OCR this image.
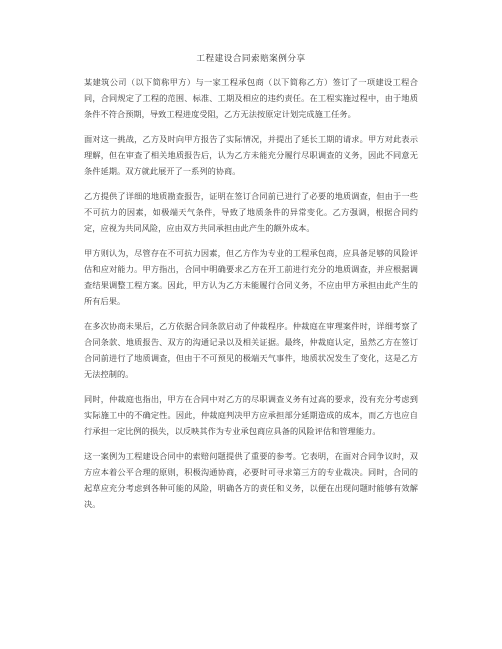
工程建设合同索赔案例分享

某建筑公司（以下简称甲方）与一家工程承包商（以下简称乙方）签订了一项建设工程合同，合同规定了工程的范围、标准、工期及相应的违约责任。在工程实施过程中，由于地质条件不符合预期，导致工程进度受阻，乙方无法按原定计划完成施工任务。

面对这一挑战，乙方及时向甲方报告了实际情况，并提出了延长工期的请求。甲方对此表示理解，但在审查了相关地质报告后，认为乙方未能充分履行尽职调查的义务，因此不同意无条件延期。双方就此展开了一系列的协商。

乙方提供了详细的地质勘查报告，证明在签订合同前已进行了必要的地质调查，但由于一些不可抗力的因素，如极端天气条件，导致了地质条件的异常变化。乙方强调，根据合同约定，应视为共同风险，应由双方共同承担由此产生的额外成本。

甲方则认为，尽管存在不可抗力因素，但乙方作为专业的工程承包商，应具备足够的风险评估和应对能力。甲方指出，合同中明确要求乙方在开工前进行充分的地质调查，并应根据调查结果调整工程方案。因此，甲方认为乙方未能履行合同义务，不应由甲方承担由此产生的所有后果。

在多次协商未果后，乙方依据合同条款启动了仲裁程序。仲裁庭在审理案件时，详细考察了合同条款、地质报告、双方的沟通记录以及相关证据。最终，仲裁庭认定，虽然乙方在签订合同前进行了地质调查，但由于不可预见的极端天气事件，地质状况发生了变化，这是乙方无法控制的。

同时，仲裁庭也指出，甲方在合同中对乙方的尽职调查义务有过高的要求，没有充分考虑到实际施工中的不确定性。因此，仲裁庭判决甲方应承担部分延期造成的成本，而乙方也应自行承担一定比例的损失，以反映其作为专业承包商应具备的风险评估和管理能力。

这一案例为工程建设合同中的索赔问题提供了重要的参考。它表明，在面对合同争议时，双方应本着公平合理的原则，积极沟通协商，必要时可寻求第三方的专业裁决。同时，合同的起草应充分考虑到各种可能的风险，明确各方的责任和义务，以便在出现问题时能够有效解决。
